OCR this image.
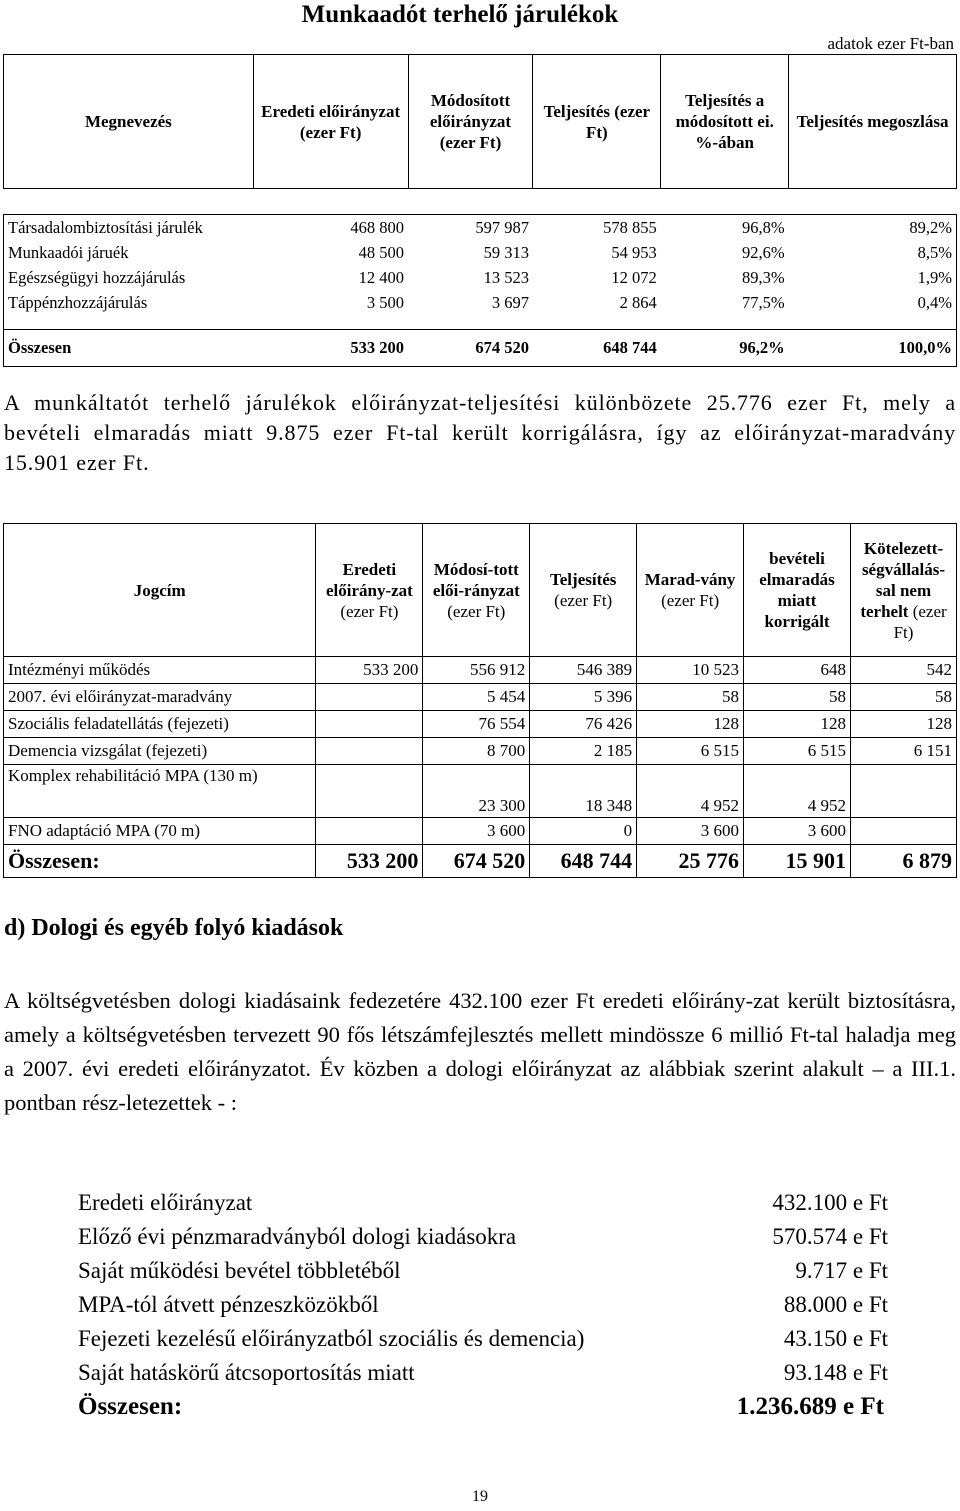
Munkaadót terhelő járulékok
adatok ezer Ft-ban
Megnevezés	Eredeti előirányzat (ezer Ft)	Módosított előirányzat (ezer Ft)	Teljesítés (ezer Ft)	Teljesítés a módosított ei. %-ában	Teljesítés megoszlása

Társadalombiztosítási járulék	468 800	597 987	578 855	96,8%	89,2%
Munkaadói járuék	48 500	59 313	54 953	92,6%	8,5%
Egészségügyi hozzájárulás	12 400	13 523	12 072	89,3%	1,9%
Táppénzhozzájárulás	3 500	3 697	2 864	77,5%	0,4%

Összesen	533 200	674 520	648 744	96,2%	100,0%
A munkáltatót terhelő járulékok előirányzat-teljesítési különbözete 25.776 ezer Ft, mely a bevételi elmaradás miatt 9.875 ezer Ft-tal került korrigálásra, így az előirányzat-maradvány 15.901 ezer Ft.
Jogcím	Eredeti előirány-zat (ezer Ft)	Módosí-tott elői-rányzat (ezer Ft)	Teljesítés (ezer Ft)	Marad-vány (ezer Ft)	bevételi elmaradás miatt korrigált	Kötelezett-ségvállalás-sal nem terhelt (ezer Ft)
Intézményi működés	533 200	556 912	546 389	10 523	648	542
2007. évi előirányzat-maradvány		5 454	5 396	58	58	58
Szociális feladatellátás (fejezeti)		76 554	76 426	128	128	128
Demencia vizsgálat (fejezeti)		8 700	2 185	6 515	6 515	6 151
Komplex rehabilitáció MPA (130 m)		23 300	18 348	4 952	4 952	
FNO adaptáció MPA (70 m)		3 600	0	3 600	3 600	
Összesen:	533 200	674 520	648 744	25 776	15 901	6 879
d) Dologi és egyéb folyó kiadások
A költségvetésben dologi kiadásaink fedezetére 432.100 ezer Ft eredeti előirány-zat került biztosításra, amely a költségvetésben tervezett 90 fős létszámfejlesztés mellett mindössze 6 millió Ft-tal haladja meg a 2007. évi eredeti előirányzatot. Év közben a dologi előirányzat az alábbiak szerint alakult – a III.1. pontban rész-letezettek - :
Eredeti előirányzat	432.100 e Ft
Előző évi pénzmaradványból dologi kiadásokra	570.574 e Ft
Saját működési bevétel többletéből	9.717 e Ft
MPA-tól átvett pénzeszközökből	88.000 e Ft
Fejezeti kezelésű előirányzatból szociális és demencia)	43.150 e Ft
Saját hatáskörű átcsoportosítás miatt	93.148 e Ft
Összesen:	1.236.689 e Ft
19
